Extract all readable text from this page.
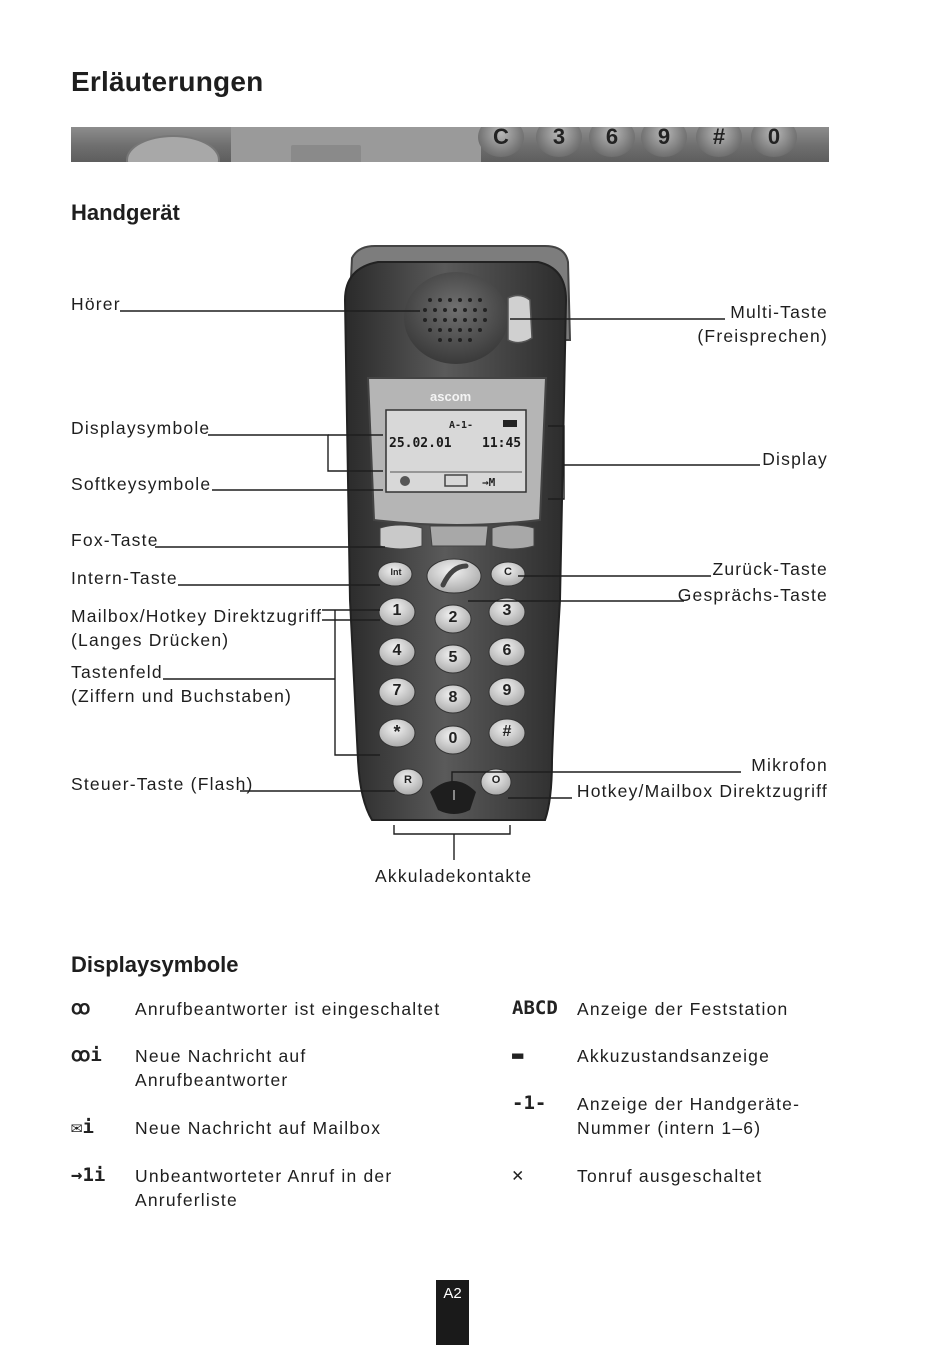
Erläuterungen
C	3	6	9	#	0
Handgerät
→M
ascom
A-1-
25.02.01 11:45
Int	C
1	2	3
4	5	6
7	8	9
*	0	#
R	O
Hörer
Displaysymbole
Softkeysymbole
Fox-Taste
Intern-Taste
Mailbox/Hotkey Direktzugriff
(Langes Drücken)
Tastenfeld
(Ziffern und Buchstaben)
Steuer-Taste (Flash)
Multi-Taste
(Freisprechen)
Display
Zurück-Taste
Gesprächs-Taste
Mikrofon
Hotkey/Mailbox Direktzugriff
Akkuladekontakte
Displaysymbole
ꝏ	Anrufbeantworter ist eingeschaltet
ꝏi Neue Nachricht auf
Anrufbeantworter
✉i Neue Nachricht auf Mailbox
→1i Unbeantworteter Anruf in der
Anruferliste
ABCD Anzeige der Feststation
▬	Akkuzustandsanzeige
-1- Anzeige der Handgeräte-
Nummer (intern 1–6)
✕	Tonruf ausgeschaltet
A2
